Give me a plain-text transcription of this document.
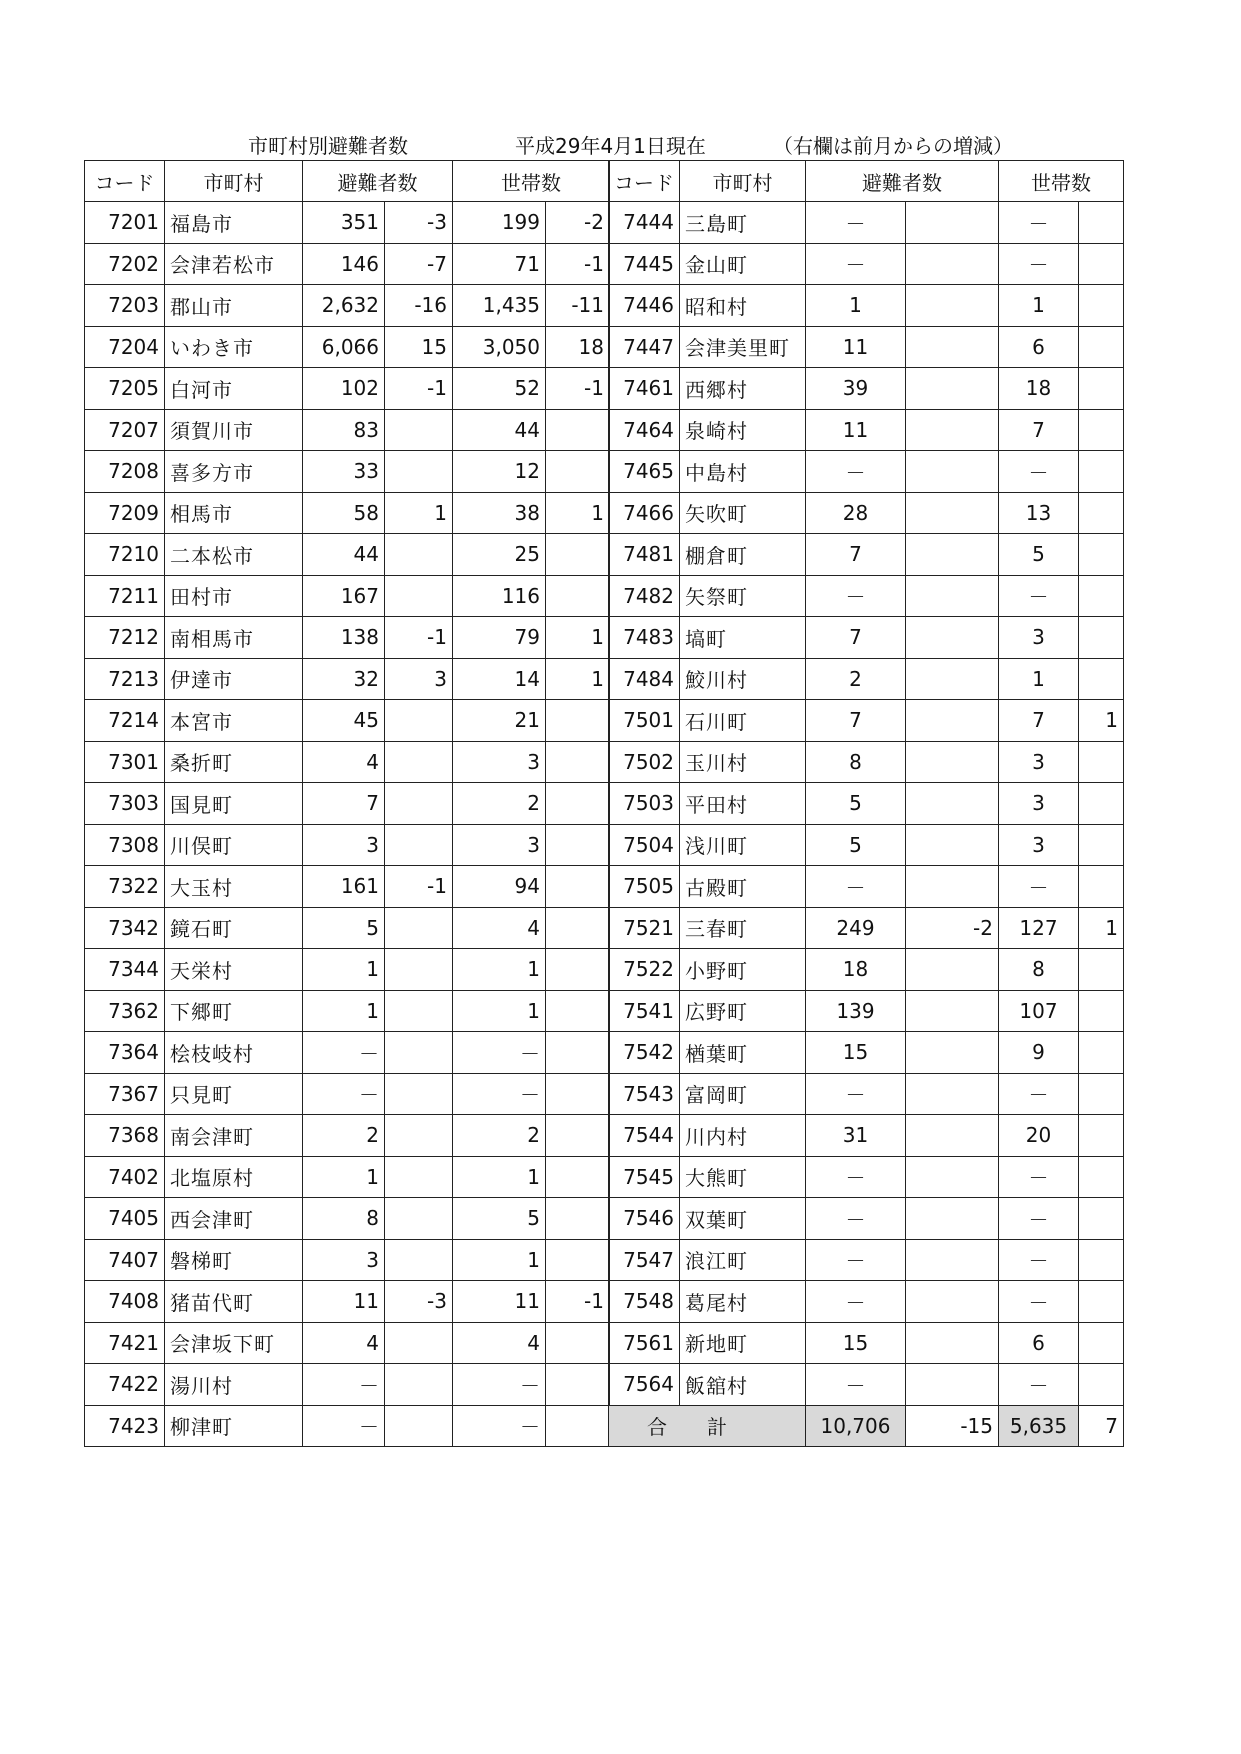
市町村別避難者数	平成29年4月1日現在	（右欄は前月からの増減）
コード	市町村	避難者数		世帯数	
7201	福島市	351	-3	199	-2
7202	会津若松市	146	-7	71	-1
7203	郡山市	2,632	-16	1,435	-11
7204	いわき市	6,066	15	3,050	18
7205	白河市	102	-1	52	-1
7207	須賀川市	83		44	
7208	喜多方市	33		12	
7209	相馬市	58	1	38	1
7210	二本松市	44		25	
7211	田村市	167		116	
7212	南相馬市	138	-1	79	1
7213	伊達市	32	3	14	1
7214	本宮市	45		21	
7301	桑折町	4		3	
7303	国見町	7		2	
7308	川俣町	3		3	
7322	大玉村	161	-1	94	
7342	鏡石町	5		4	
7344	天栄村	1		1	
7362	下郷町	1		1	
7364	桧枝岐村	－		－	
7367	只見町	－		－	
7368	南会津町	2		2	
7402	北塩原村	1		1	
7405	西会津町	8		5	
7407	磐梯町	3		1	
7408	猪苗代町	11	-3	11	-1
7421	会津坂下町	4		4	
7422	湯川村	－		－	
7423	柳津町	－		－	
コード	市町村	避難者数		世帯数	
7444	三島町	－		－	
7445	金山町	－		－	
7446	昭和村	1		1	
7447	会津美里町	11		6	
7461	西郷村	39		18	
7464	泉崎村	11		7	
7465	中島村	－		－	
7466	矢吹町	28		13	
7481	棚倉町	7		5	
7482	矢祭町	－		－	
7483	塙町	7		3	
7484	鮫川村	2		1	
7501	石川町	7		7	1
7502	玉川村	8		3	
7503	平田村	5		3	
7504	浅川町	5		3	
7505	古殿町	－		－	
7521	三春町	249	-2	127	1
7522	小野町	18		8	
7541	広野町	139		107	
7542	楢葉町	15		9	
7543	富岡町	－		－	
7544	川内村	31		20	
7545	大熊町	－		－	
7546	双葉町	－		－	
7547	浪江町	－		－	
7548	葛尾村	－		－	
7561	新地町	15		6	
7564	飯舘村	－		－	
合計		10,706	-15	5,635	7
